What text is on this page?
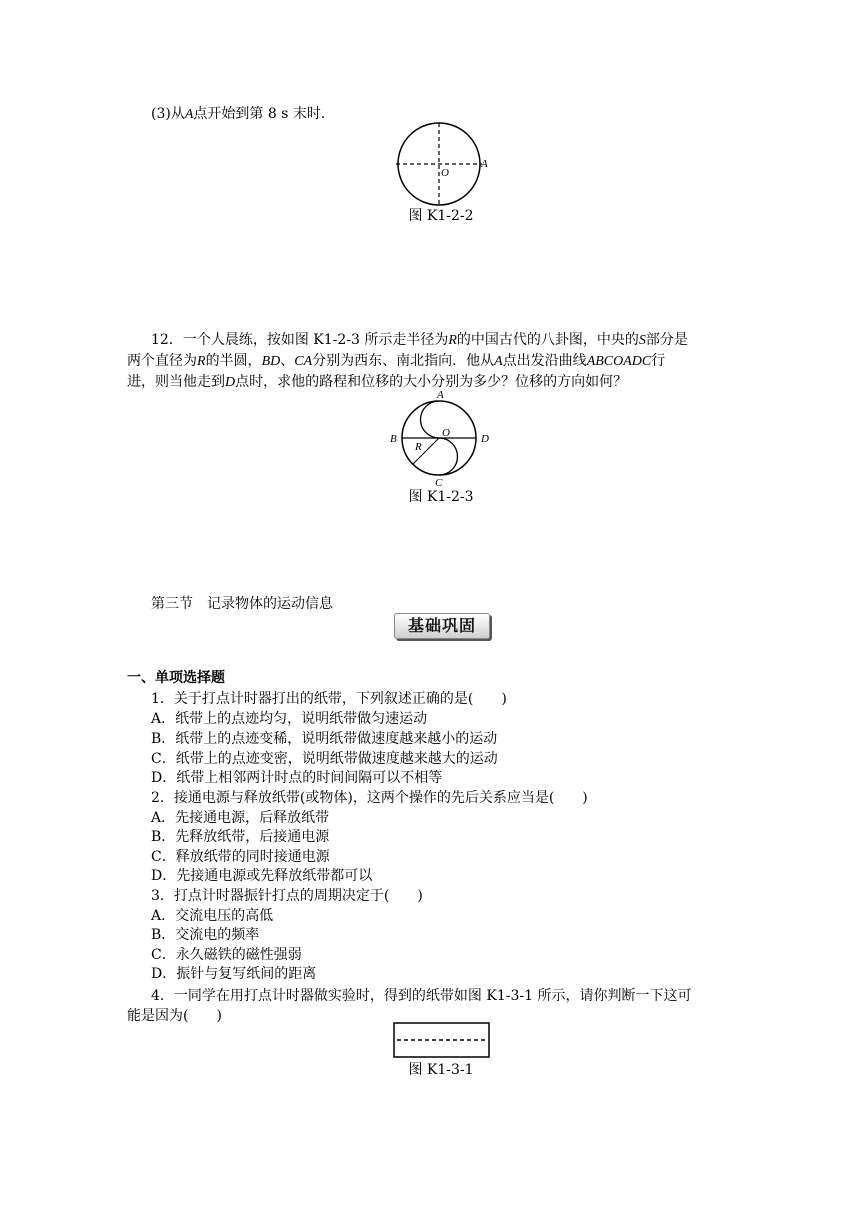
(3)从A点开始到第 8 s 末时．
O
A
图 K1-2-2
12．一个人晨练，按如图 K1-2-3 所示走半径为R的中国古代的八卦图，中央的S部分是
两个直径为R的半圆，BD、CA分别为西东、南北指向．他从A点出发沿曲线ABCOADC行
进，则当他走到D点时，求他的路程和位移的大小分别为多少？位移的方向如何？
A
B
C
D
O
R
图 K1-2-3
第三节　记录物体的运动信息
基础巩固
一、单项选择题
1．关于打点计时器打出的纸带，下列叙述正确的是(　　)
A．纸带上的点迹均匀，说明纸带做匀速运动
B．纸带上的点迹变稀，说明纸带做速度越来越小的运动
C．纸带上的点迹变密，说明纸带做速度越来越大的运动
D．纸带上相邻两计时点的时间间隔可以不相等
2．接通电源与释放纸带(或物体)，这两个操作的先后关系应当是(　　)
A．先接通电源，后释放纸带
B．先释放纸带，后接通电源
C．释放纸带的同时接通电源
D．先接通电源或先释放纸带都可以
3．打点计时器振针打点的周期决定于(　　)
A．交流电压的高低
B．交流电的频率
C．永久磁铁的磁性强弱
D．振针与复写纸间的距离
4．一同学在用打点计时器做实验时，得到的纸带如图 K1-3-1 所示，请你判断一下这可
能是因为(　　)
图 K1-3-1
